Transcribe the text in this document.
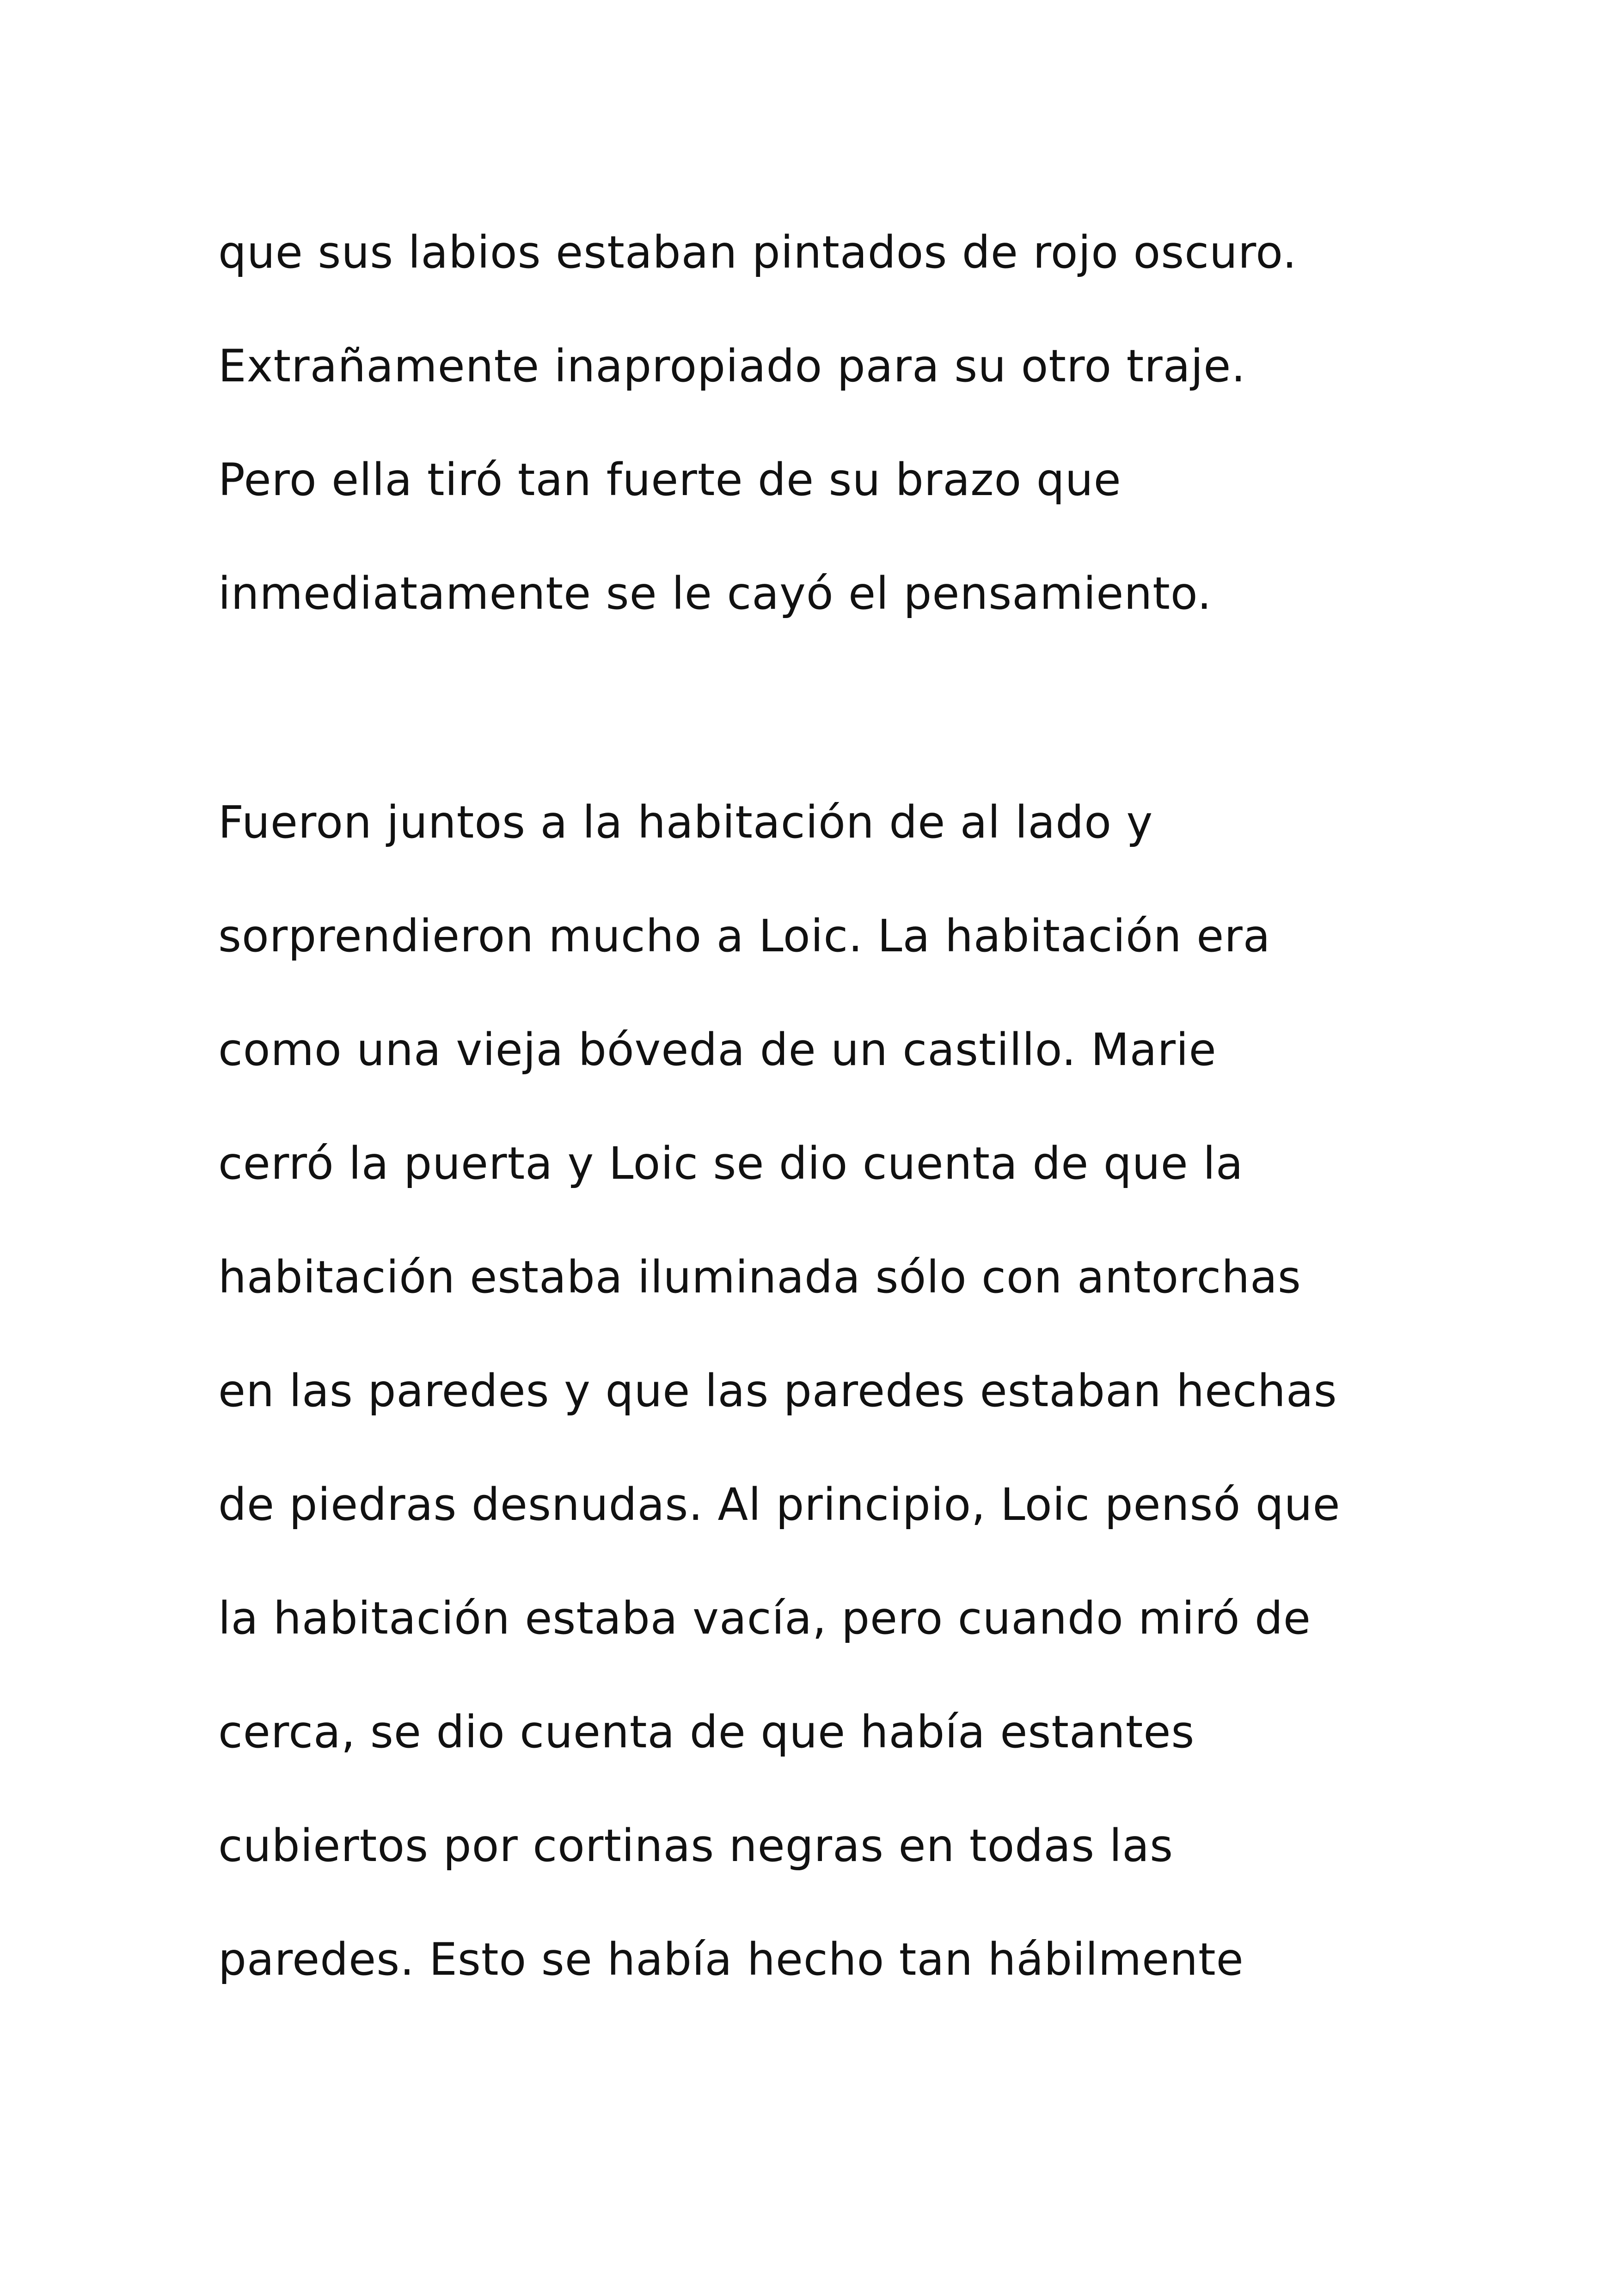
que sus labios estaban pintados de rojo oscuro.
Extrañamente inapropiado para su otro traje.
Pero ella tiró tan fuerte de su brazo que
inmediatamente se le cayó el pensamiento.
Fueron juntos a la habitación de al lado y
sorprendieron mucho a Loic. La habitación era
como una vieja bóveda de un castillo. Marie
cerró la puerta y Loic se dio cuenta de que la
habitación estaba iluminada sólo con antorchas
en las paredes y que las paredes estaban hechas
de piedras desnudas. Al principio, Loic pensó que
la habitación estaba vacía, pero cuando miró de
cerca, se dio cuenta de que había estantes
cubiertos por cortinas negras en todas las
paredes. Esto se había hecho tan hábilmente
